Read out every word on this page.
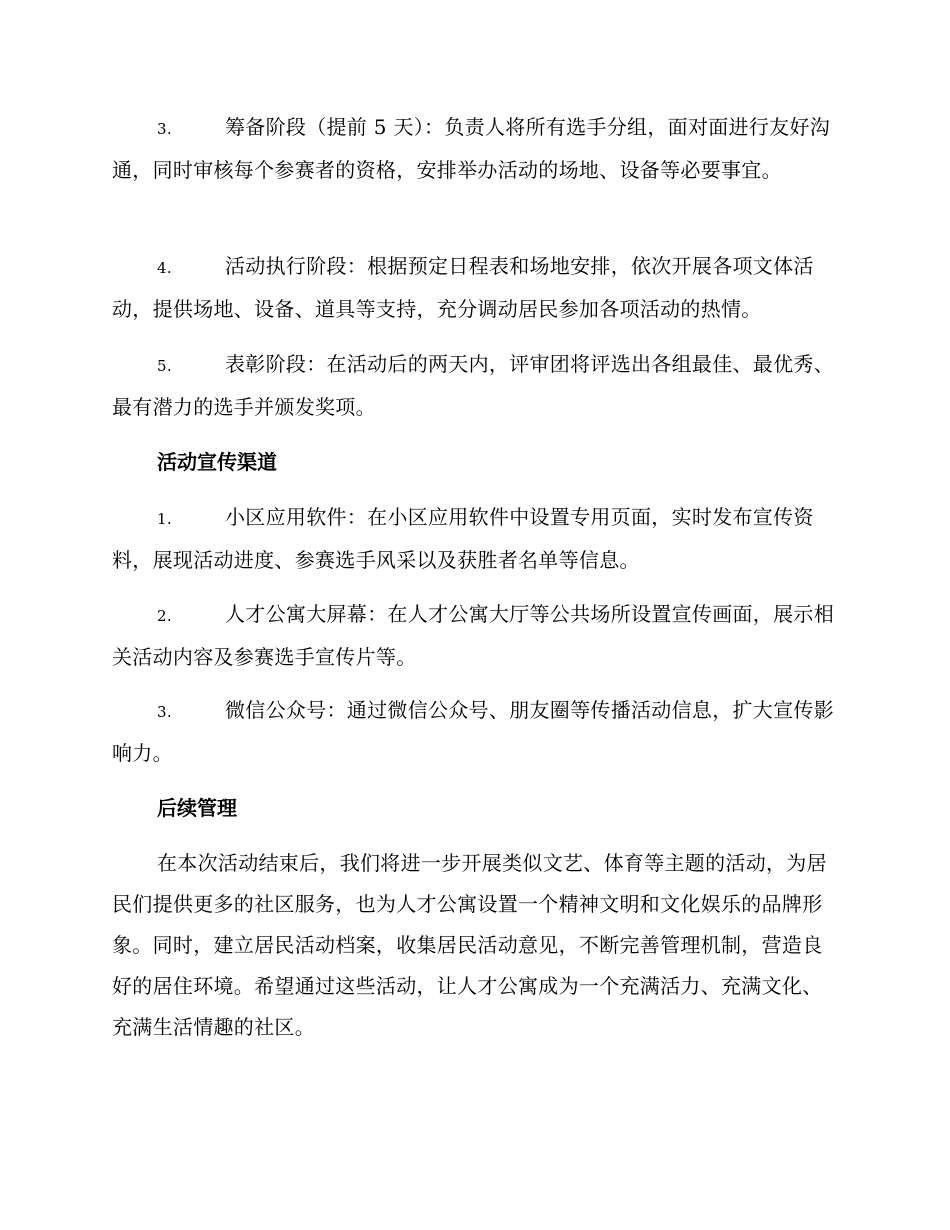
3.	筹备阶段（提前 5 天）：负责人将所有选手分组，面对面进行友好沟通，同时审核每个参赛者的资格，安排举办活动的场地、设备等必要事宜。

4.	活动执行阶段：根据预定日程表和场地安排，依次开展各项文体活动，提供场地、设备、道具等支持，充分调动居民参加各项活动的热情。

5.	表彰阶段：在活动后的两天内，评审团将评选出各组最佳、最优秀、最有潜力的选手并颁发奖项。

活动宣传渠道

1.	小区应用软件：在小区应用软件中设置专用页面，实时发布宣传资料，展现活动进度、参赛选手风采以及获胜者名单等信息。

2.	人才公寓大屏幕：在人才公寓大厅等公共场所设置宣传画面，展示相关活动内容及参赛选手宣传片等。

3.	微信公众号：通过微信公众号、朋友圈等传播活动信息，扩大宣传影响力。

后续管理

在本次活动结束后，我们将进一步开展类似文艺、体育等主题的活动，为居民们提供更多的社区服务，也为人才公寓设置一个精神文明和文化娱乐的品牌形象。同时，建立居民活动档案，收集居民活动意见，不断完善管理机制，营造良好的居住环境。希望通过这些活动，让人才公寓成为一个充满活力、充满文化、充满生活情趣的社区。
